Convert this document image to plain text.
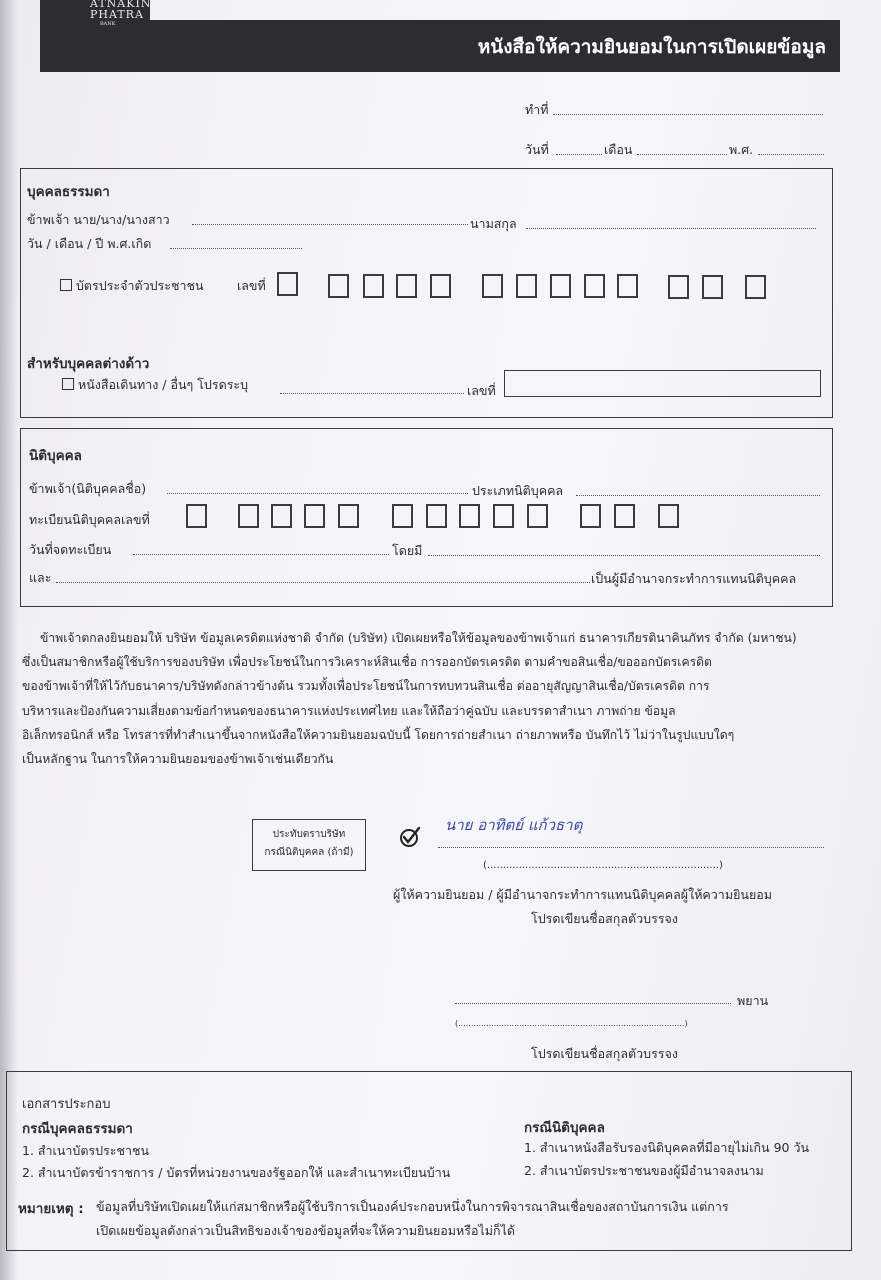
หนังสือให้ความยินยอมในการเปิดเผยข้อมูล
ATNAKIN
PHATRA
BANK
ทำที่
วันที่	เดือน	พ.ศ.
บุคคลธรรมดา
ข้าพเจ้า นาย/นาง/นางสาว	นามสกุล
วัน / เดือน / ปี พ.ศ.เกิด
บัตรประจำตัวประชาชน	เลขที่
สำหรับบุคคลต่างด้าว
หนังสือเดินทาง / อื่นๆ โปรดระบุ	เลขที่
นิติบุคคล
ข้าพเจ้า(นิติบุคคลชื่อ)	ประเภทนิติบุคคล
ทะเบียนนิติบุคคลเลขที่
วันที่จดทะเบียน	โดยมี
และ	เป็นผู้มีอำนาจกระทำการแทนนิติบุคคล
ข้าพเจ้าตกลงยินยอมให้ บริษัท ข้อมูลเครดิตแห่งชาติ จำกัด (บริษัท) เปิดเผยหรือให้ข้อมูลของข้าพเจ้าแก่ ธนาคารเกียรตินาคินภัทร จำกัด (มหาชน)
ซึ่งเป็นสมาชิกหรือผู้ใช้บริการของบริษัท เพื่อประโยชน์ในการวิเคราะห์สินเชื่อ การออกบัตรเครดิต ตามคำขอสินเชื่อ/ขอออกบัตรเครดิต
ของข้าพเจ้าที่ให้ไว้กับธนาคาร/บริษัทดังกล่าวข้างต้น รวมทั้งเพื่อประโยชน์ในการทบทวนสินเชื่อ ต่ออายุสัญญาสินเชื่อ/บัตรเครดิต การ
บริหารและป้องกันความเสี่ยงตามข้อกำหนดของธนาคารแห่งประเทศไทย และให้ถือว่าคู่ฉบับ และบรรดาสำเนา ภาพถ่าย ข้อมูล
อิเล็กทรอนิกส์ หรือ โทรสารที่ทำสำเนาขึ้นจากหนังสือให้ความยินยอมฉบับนี้ โดยการถ่ายสำเนา ถ่ายภาพหรือ บันทึกไว้ ไม่ว่าในรูปแบบใดๆ
เป็นหลักฐาน ในการให้ความยินยอมของข้าพเจ้าเช่นเดียวกัน
ประทับตราบริษัท
กรณีนิติบุคคล (ถ้ามี)
นาย อาทิตย์ แก้วธาตุ
(.........................................................................)
ผู้ให้ความยินยอม / ผู้มีอำนาจกระทำการแทนนิติบุคคลผู้ให้ความยินยอม
โปรดเขียนชื่อสกุลตัวบรรจง
พยาน
(.........................................................................................)
โปรดเขียนชื่อสกุลตัวบรรจง
เอกสารประกอบ
กรณีบุคคลธรรมดา
1. สำเนาบัตรประชาชน
2. สำเนาบัตรข้าราชการ / บัตรที่หน่วยงานของรัฐออกให้ และสำเนาทะเบียนบ้าน
กรณีนิติบุคคล
1. สำเนาหนังสือรับรองนิติบุคคลที่มีอายุไม่เกิน 90 วัน
2. สำเนาบัตรประชาชนของผู้มีอำนาจลงนาม
หมายเหตุ : ข้อมูลที่บริษัทเปิดเผยให้แก่สมาชิกหรือผู้ใช้บริการเป็นองค์ประกอบหนึ่งในการพิจารณาสินเชื่อของสถาบันการเงิน แต่การ
เปิดเผยข้อมูลดังกล่าวเป็นสิทธิของเจ้าของข้อมูลที่จะให้ความยินยอมหรือไม่ก็ได้
